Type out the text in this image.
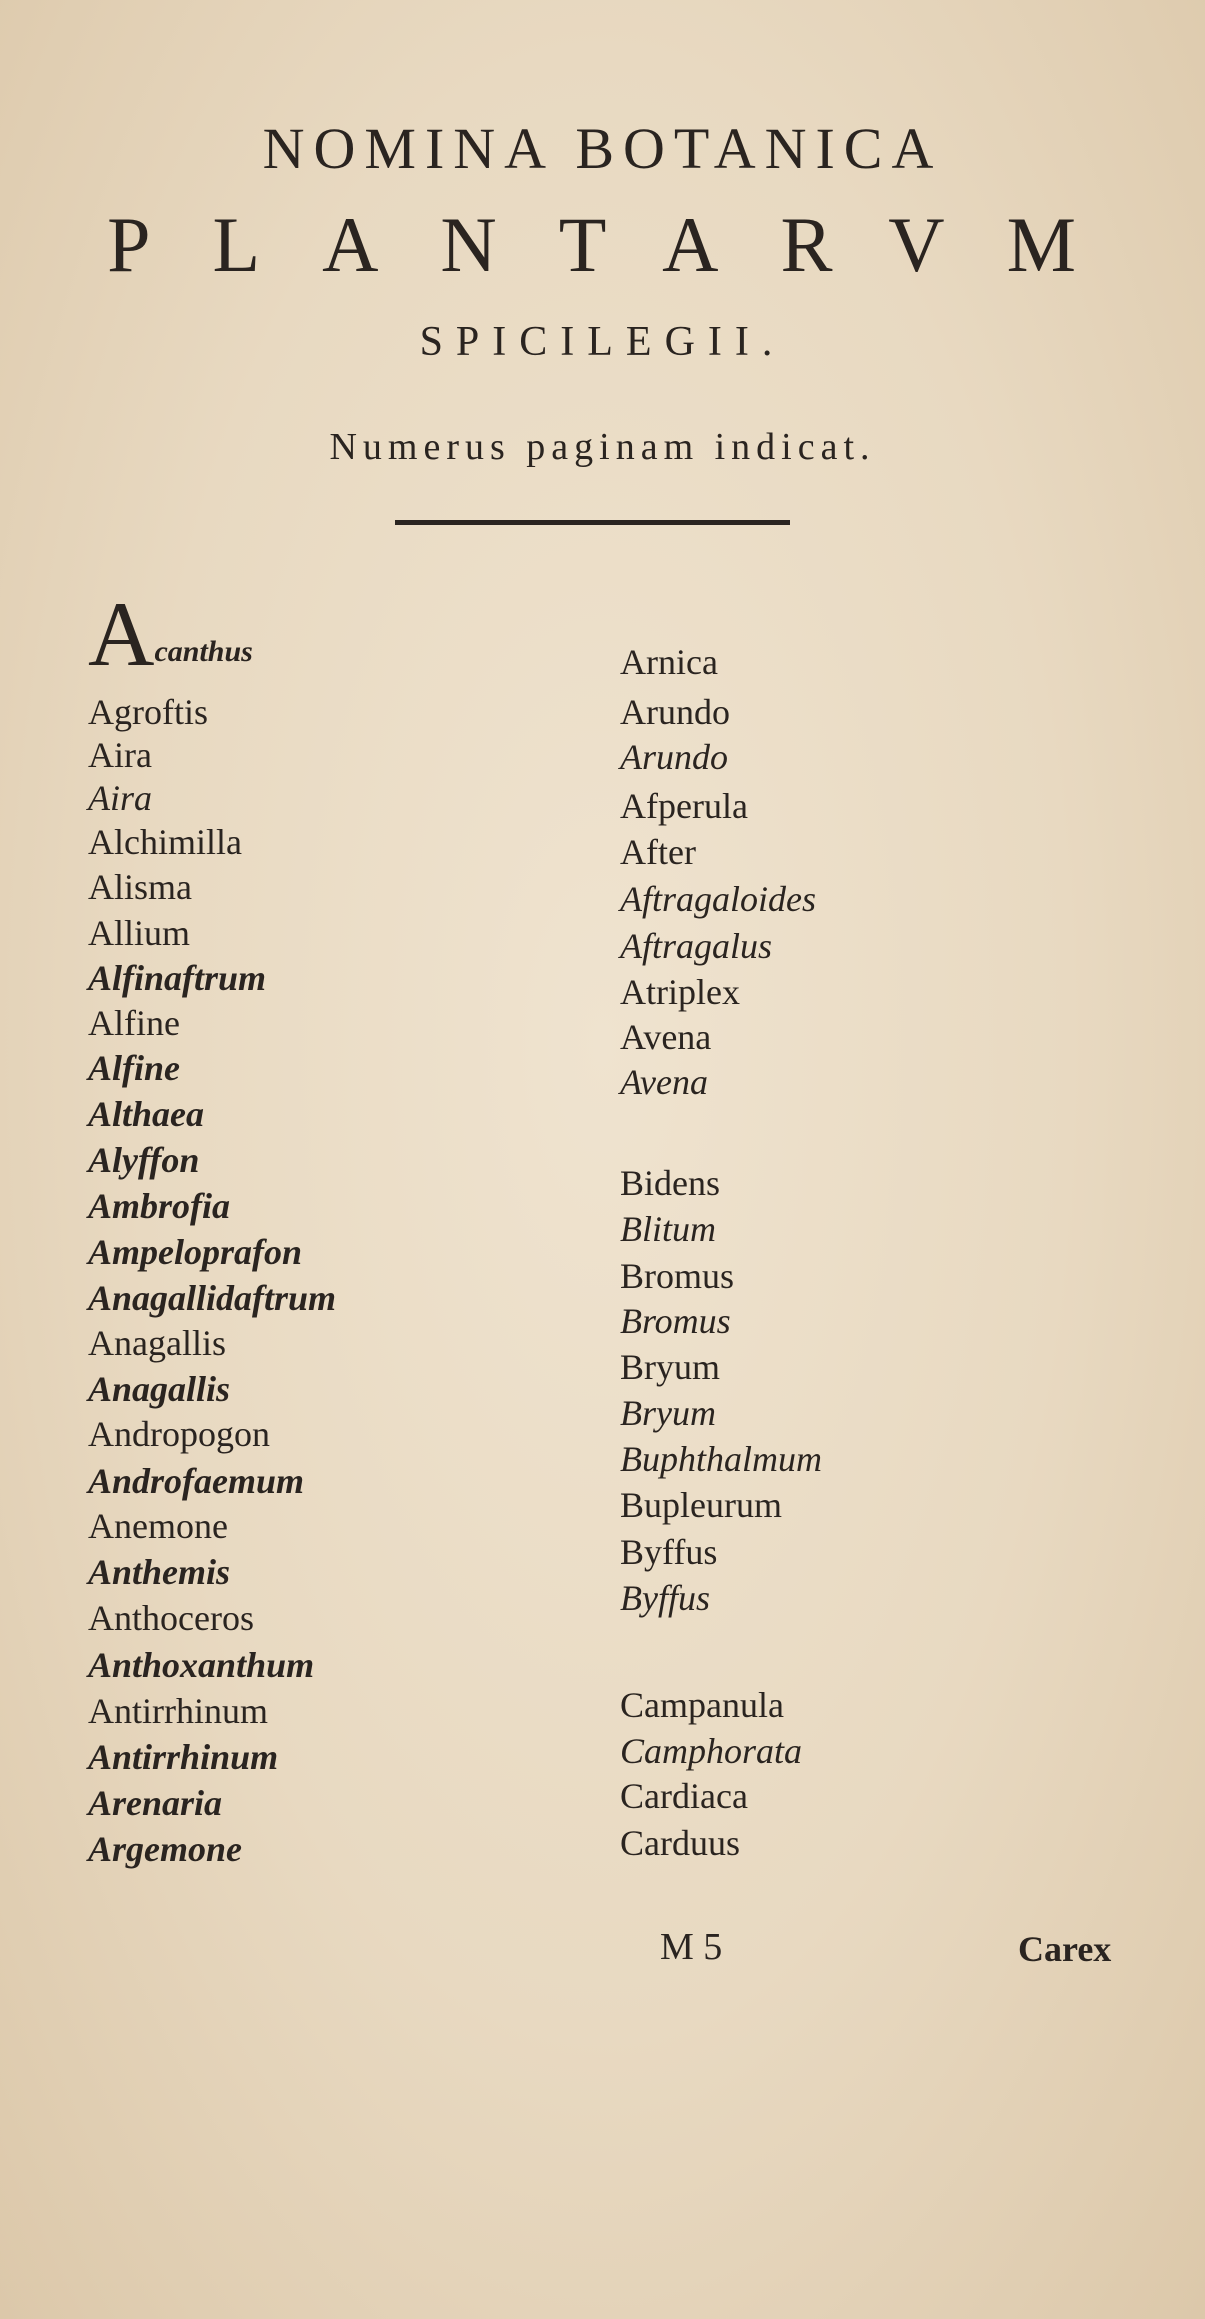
NOMINA BOTANICA
PLANTARVM
SPICILEGII.
Numerus paginam indicat.
Acanthus
Agroftis
Aira
Aira
Alchimilla
Alisma
Allium
Alfinaftrum
Alfine
Alfine
Althaea
Alyffon
Ambrofia
Ampeloprafon
Anagallidaftrum
Anagallis
Anagallis
Andropogon
Androfaemum
Anemone
Anthemis
Anthoceros
Anthoxanthum
Antirrhinum
Antirrhinum
Arenaria
Argemone
Arnica
Arundo
Arundo
Afperula
After
Aftragaloides
Aftragalus
Atriplex
Avena
Avena
Bidens
Blitum
Bromus
Bromus
Bryum
Bryum
Buphthalmum
Bupleurum
Byffus
Byffus
Campanula
Camphorata
Cardiaca
Carduus
M 5	Carex
